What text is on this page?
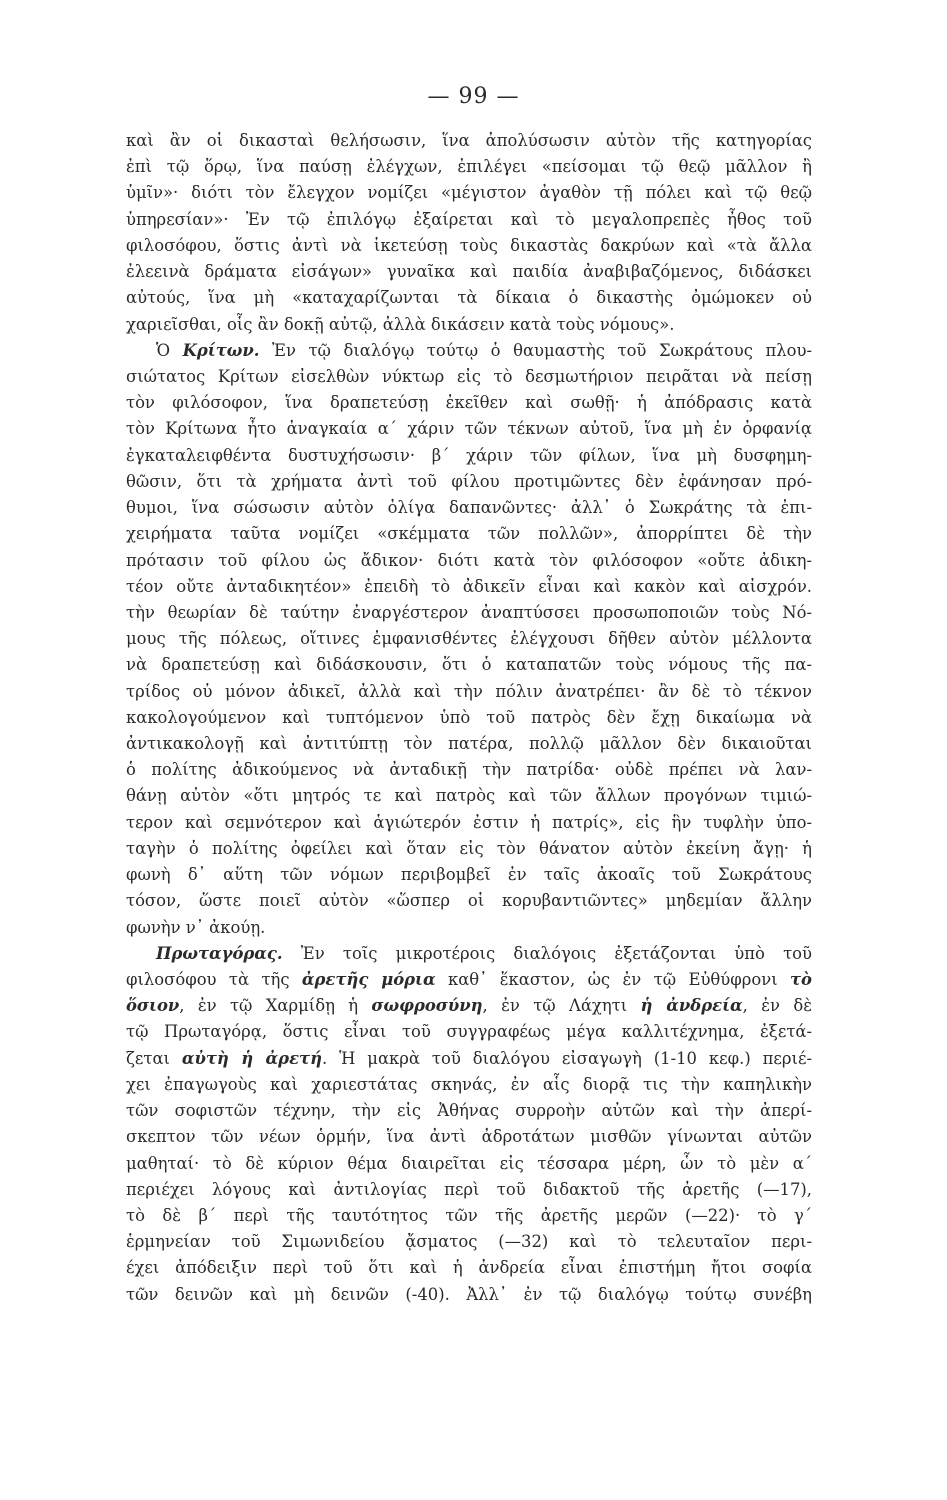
— 99 —
καὶ ἂν οἱ δικασταὶ θελήσωσιν, ἵνα ἀπολύσωσιν αὐτὸν τῆς κατηγορίας
ἐπὶ τῷ ὅρῳ, ἵνα παύσῃ ἐλέγχων, ἐπιλέγει «πείσομαι τῷ θεῷ μᾶλλον ἢ
ὑμῖν»· διότι τὸν ἔλεγχον νομίζει «μέγιστον ἀγαθὸν τῇ πόλει καὶ τῷ θεῷ
ὑπηρεσίαν»· Ἐν τῷ ἐπιλόγῳ ἐξαίρεται καὶ τὸ μεγαλοπρεπὲς ἦθος τοῦ
φιλοσόφου, ὅστις ἀντὶ νὰ ἱκετεύσῃ τοὺς δικαστὰς δακρύων καὶ «τὰ ἄλλα
ἐλεεινὰ δράματα εἰσάγων» γυναῖκα καὶ παιδία ἀναβιβαζόμενος, διδάσκει
αὐτούς, ἵνα μὴ «καταχαρίζωνται τὰ δίκαια ὁ δικαστὴς ὀμώμοκεν οὐ
χαριεῖσθαι, οἷς ἂν δοκῇ αὐτῷ, ἀλλὰ δικάσειν κατὰ τοὺς νόμους».
Ὁ Κρίτων. Ἐν τῷ διαλόγῳ τούτῳ ὁ θαυμαστὴς τοῦ Σωκράτους πλου-
σιώτατος Κρίτων εἰσελθὼν νύκτωρ εἰς τὸ δεσμωτήριον πειρᾶται νὰ πείσῃ
τὸν φιλόσοφον, ἵνα δραπετεύσῃ ἐκεῖθεν καὶ σωθῇ· ἡ ἀπόδρασις κατὰ
τὸν Κρίτωνα ἦτο ἀναγκαία α΄ χάριν τῶν τέκνων αὐτοῦ, ἵνα μὴ ἐν ὀρφανίᾳ
ἐγκαταλειφθέντα δυστυχήσωσιν· β΄ χάριν τῶν φίλων, ἵνα μὴ δυσφημη-
θῶσιν, ὅτι τὰ χρήματα ἀντὶ τοῦ φίλου προτιμῶντες δὲν ἐφάνησαν πρό-
θυμοι, ἵνα σώσωσιν αὐτὸν ὀλίγα δαπανῶντες· ἀλλ᾽ ὁ Σωκράτης τὰ ἐπι-
χειρήματα ταῦτα νομίζει «σκέμματα τῶν πολλῶν», ἀπορρίπτει δὲ τὴν
πρότασιν τοῦ φίλου ὡς ἄδικον· διότι κατὰ τὸν φιλόσοφον «οὔτε ἀδικη-
τέον οὔτε ἀνταδικητέον» ἐπειδὴ τὸ ἀδικεῖν εἶναι καὶ κακὸν καὶ αἰσχρόν.
τὴν θεωρίαν δὲ ταύτην ἐναργέστερον ἀναπτύσσει προσωποποιῶν τοὺς Νό-
μους τῆς πόλεως, οἵτινες ἐμφανισθέντες ἐλέγχουσι δῆθεν αὐτὸν μέλλοντα
νὰ δραπετεύσῃ καὶ διδάσκουσιν, ὅτι ὁ καταπατῶν τοὺς νόμους τῆς πα-
τρίδος οὐ μόνον ἀδικεῖ, ἀλλὰ καὶ τὴν πόλιν ἀνατρέπει· ἂν δὲ τὸ τέκνον
κακολογούμενον καὶ τυπτόμενον ὑπὸ τοῦ πατρὸς δὲν ἔχῃ δικαίωμα νὰ
ἀντικακολογῇ καὶ ἀντιτύπτῃ τὸν πατέρα, πολλῷ μᾶλλον δὲν δικαιοῦται
ὁ πολίτης ἀδικούμενος νὰ ἀνταδικῇ τὴν πατρίδα· οὐδὲ πρέπει νὰ λαν-
θάνῃ αὐτὸν «ὅτι μητρός τε καὶ πατρὸς καὶ τῶν ἄλλων προγόνων τιμιώ-
τερον καὶ σεμνότερον καὶ ἁγιώτερόν ἐστιν ἡ πατρίς», εἰς ἣν τυφλὴν ὑπο-
ταγὴν ὁ πολίτης ὀφείλει καὶ ὅταν εἰς τὸν θάνατον αὐτὸν ἐκείνη ἄγῃ· ἡ
φωνὴ δ᾽ αὕτη τῶν νόμων περιβομβεῖ ἐν ταῖς ἀκοαῖς τοῦ Σωκράτους
τόσον, ὥστε ποιεῖ αὐτὸν «ὥσπερ οἱ κορυβαντιῶντες» μηδεμίαν ἄλλην
φωνὴν ν᾽ ἀκούῃ.
Πρωταγόρας. Ἐν τοῖς μικροτέροις διαλόγοις ἐξετάζονται ὑπὸ τοῦ
φιλοσόφου τὰ τῆς ἀρετῆς μόρια καθ᾽ ἕκαστον, ὡς ἐν τῷ Εὐθύφρονι τὸ
ὅσιον, ἐν τῷ Χαρμίδῃ ἡ σωφροσύνη, ἐν τῷ Λάχητι ἡ ἀνδρεία, ἐν δὲ
τῷ Πρωταγόρᾳ, ὅστις εἶναι τοῦ συγγραφέως μέγα καλλιτέχνημα, ἐξετά-
ζεται αὐτὴ ἡ ἀρετή. Ἡ μακρὰ τοῦ διαλόγου εἰσαγωγὴ (1-10 κεφ.) περιέ-
χει ἐπαγωγοὺς καὶ χαριεστάτας σκηνάς, ἐν αἷς διορᾷ τις τὴν καπηλικὴν
τῶν σοφιστῶν τέχνην, τὴν εἰς Ἀθήνας συρροὴν αὐτῶν καὶ τὴν ἀπερί-
σκεπτον τῶν νέων ὁρμήν, ἵνα ἀντὶ ἀδροτάτων μισθῶν γίνωνται αὐτῶν
μαθηταί· τὸ δὲ κύριον θέμα διαιρεῖται εἰς τέσσαρα μέρη, ὧν τὸ μὲν α΄
περιέχει λόγους καὶ ἀντιλογίας περὶ τοῦ διδακτοῦ τῆς ἀρετῆς (—17),
τὸ δὲ β΄ περὶ τῆς ταυτότητος τῶν τῆς ἀρετῆς μερῶν (—22)· τὸ γ΄
ἑρμηνείαν τοῦ Σιμωνιδείου ᾄσματος (—32) καὶ τὸ τελευταῖον περι-
έχει ἀπόδειξιν περὶ τοῦ ὅτι καὶ ἡ ἀνδρεία εἶναι ἐπιστήμη ἤτοι σοφία
τῶν δεινῶν καὶ μὴ δεινῶν (-40). Ἀλλ᾽ ἐν τῷ διαλόγῳ τούτῳ συνέβη
